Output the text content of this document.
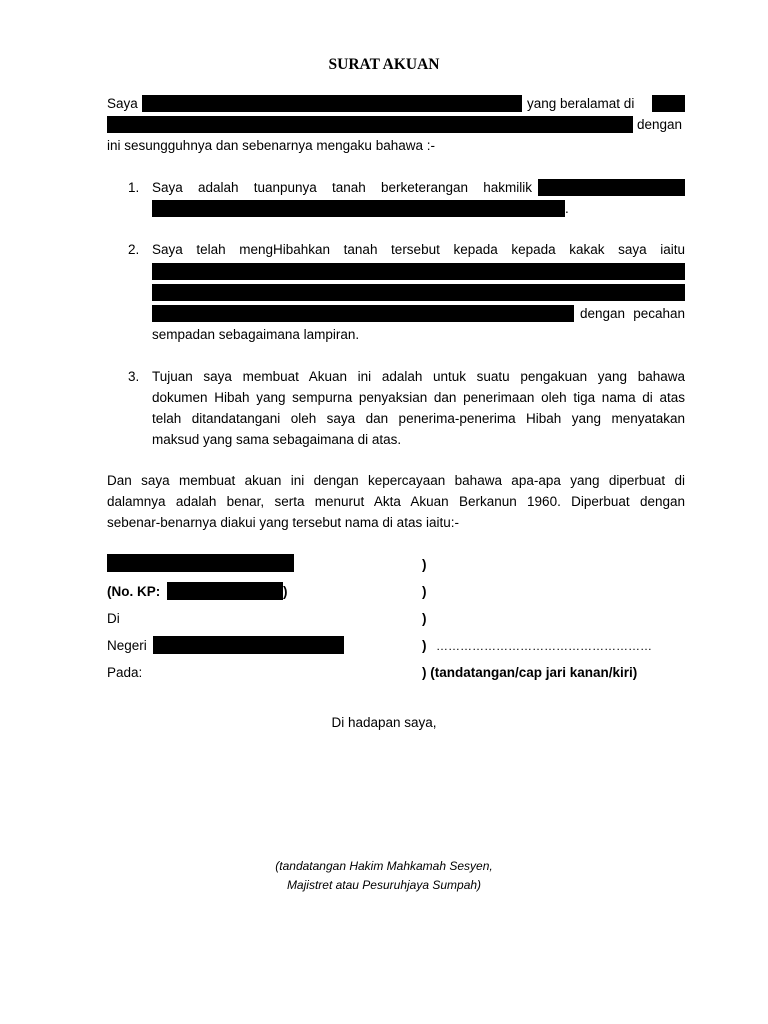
SURAT AKUAN
Saya	yang beralamat di
dengan
ini sesungguhnya dan sebenarnya mengaku bahawa :-
1. Saya adalah tuanpunya tanah berketerangan hakmilik
.
2. Saya telah mengHibahkan tanah tersebut kepada kepada kakak saya iaitu
dengan pecahan
sempadan sebagaimana lampiran.
3. Tujuan saya membuat Akuan ini adalah untuk suatu pengakuan yang bahawa
dokumen Hibah yang sempurna penyaksian dan penerimaan oleh tiga nama di atas
telah ditandatangani oleh saya dan penerima-penerima Hibah yang menyatakan
maksud yang sama sebagaimana di atas.
Dan saya membuat akuan ini dengan kepercayaan bahawa apa-apa yang diperbuat di
dalamnya adalah benar, serta menurut Akta Akuan Berkanun 1960. Diperbuat dengan
sebenar-benarnya diakui yang tersebut nama di atas iaitu:-
)
(No. KP:	)	)
Di	)
Negeri	) ………………………………………………
Pada:	) (tandatangan/cap jari kanan/kiri)
Di hadapan saya,
(tandatangan Hakim Mahkamah Sesyen,
Majistret atau Pesuruhjaya Sumpah)
